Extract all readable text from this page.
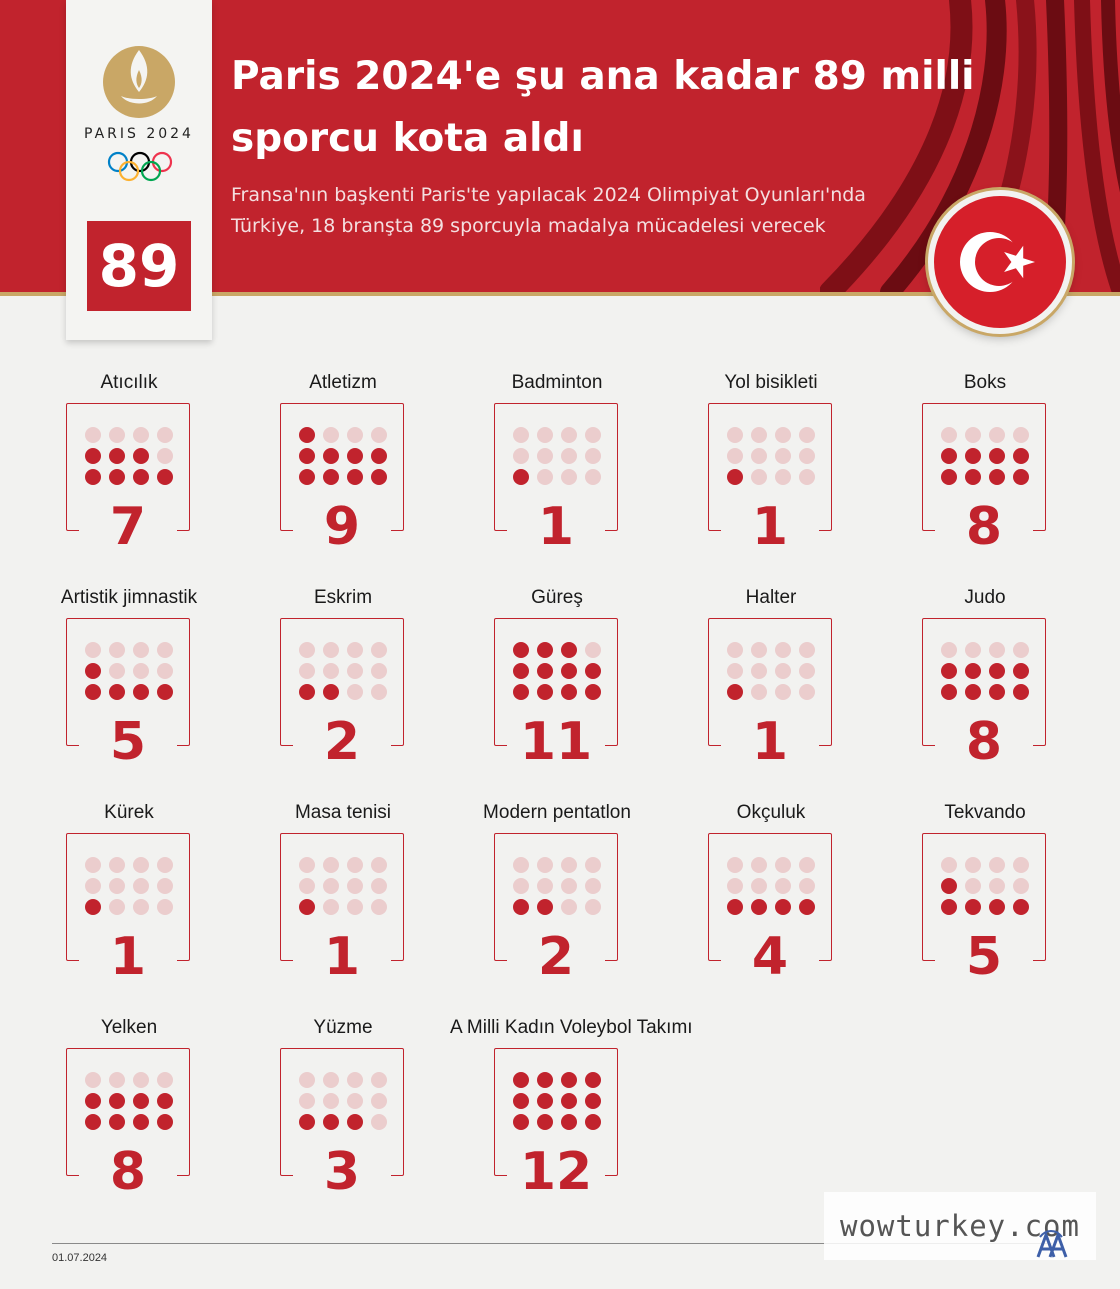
Paris 2024'e şu ana kadar 89 milli
sporcu kota aldı
Fransa'nın başkenti Paris'te yapılacak 2024 Olimpiyat Oyunları'nda
Türkiye, 18 branşta 89 sporcuyla madalya mücadelesi verecek
PARIS 2024
89
Atıcılık
7
Atletizm
9
Badminton
1
Yol bisikleti
1
Boks
8
Artistik jimnastik
5
Eskrim
2
Güreş
11
Halter
1
Judo
8
Kürek
1
Masa tenisi
1
Modern pentatlon
2
Okçuluk
4
Tekvando
5
Yelken
8
Yüzme
3
A Milli Kadın Voleybol Takımı
12
01.07.2024
wowturkey.com
